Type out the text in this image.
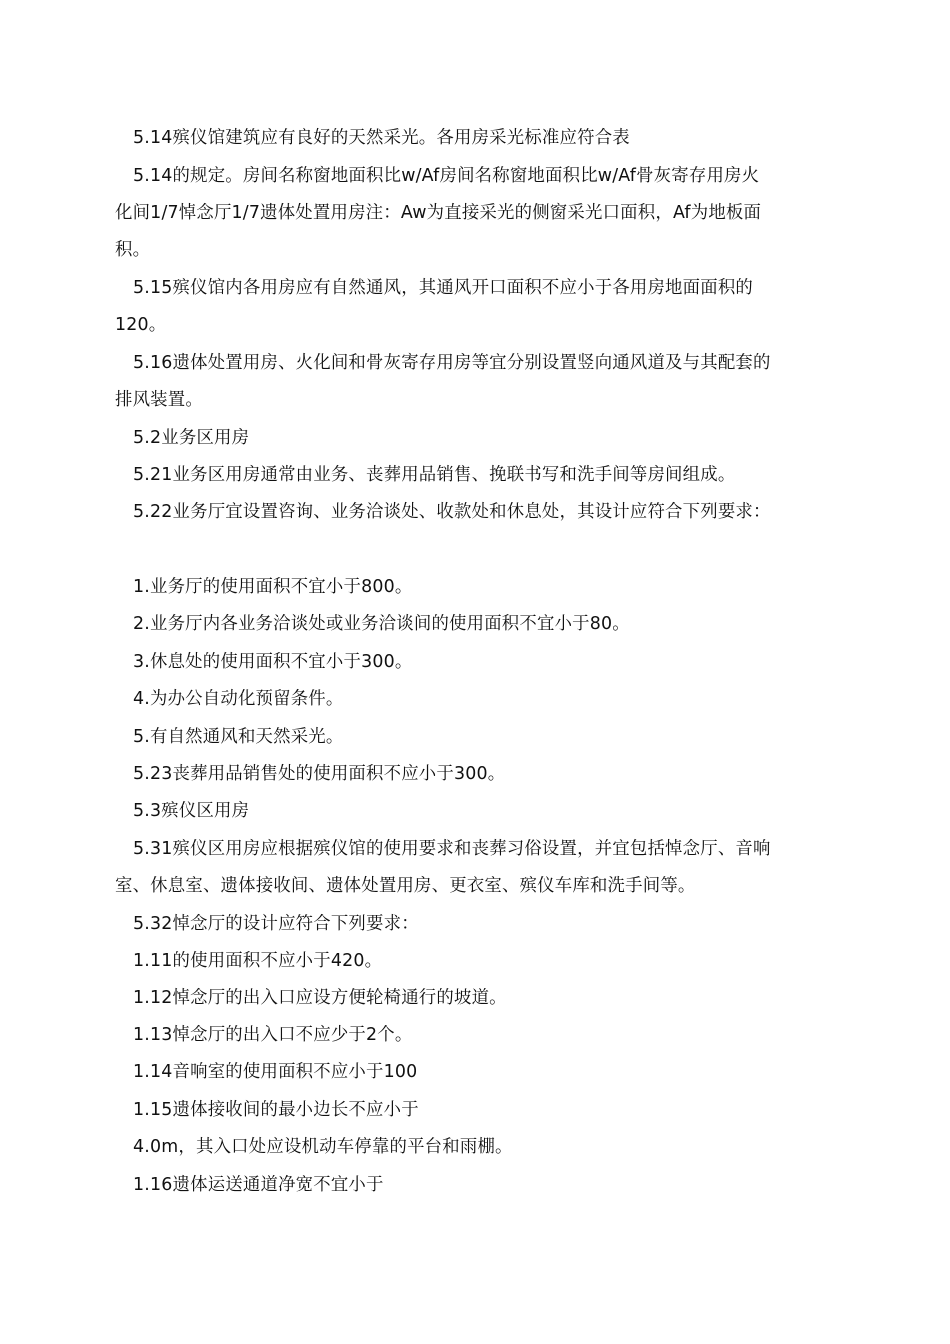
5.14殡仪馆建筑应有良好的天然采光。各用房采光标准应符合表
5.14的规定。房间名称窗地面积比w/Af房间名称窗地面积比w/Af骨灰寄存用房火
化间1/7悼念厅1/7遗体处置用房注：Aw为直接采光的侧窗采光口面积，Af为地板面
积。
5.15殡仪馆内各用房应有自然通风，其通风开口面积不应小于各用房地面面积的
120。
5.16遗体处置用房、火化间和骨灰寄存用房等宜分别设置竖向通风道及与其配套的
排风装置。
5.2业务区用房
5.21业务区用房通常由业务、丧葬用品销售、挽联书写和洗手间等房间组成。
5.22业务厅宜设置咨询、业务洽谈处、收款处和休息处，其设计应符合下列要求：
1.业务厅的使用面积不宜小于800。
2.业务厅内各业务洽谈处或业务洽谈间的使用面积不宜小于80。
3.休息处的使用面积不宜小于300。
4.为办公自动化预留条件。
5.有自然通风和天然采光。
5.23丧葬用品销售处的使用面积不应小于300。
5.3殡仪区用房
5.31殡仪区用房应根据殡仪馆的使用要求和丧葬习俗设置，并宜包括悼念厅、音响
室、休息室、遗体接收间、遗体处置用房、更衣室、殡仪车库和洗手间等。
5.32悼念厅的设计应符合下列要求：
1.11的使用面积不应小于420。
1.12悼念厅的出入口应设方便轮椅通行的坡道。
1.13悼念厅的出入口不应少于2个。
1.14音响室的使用面积不应小于100
1.15遗体接收间的最小边长不应小于
4.0m，其入口处应设机动车停靠的平台和雨棚。
1.16遗体运送通道净宽不宜小于
